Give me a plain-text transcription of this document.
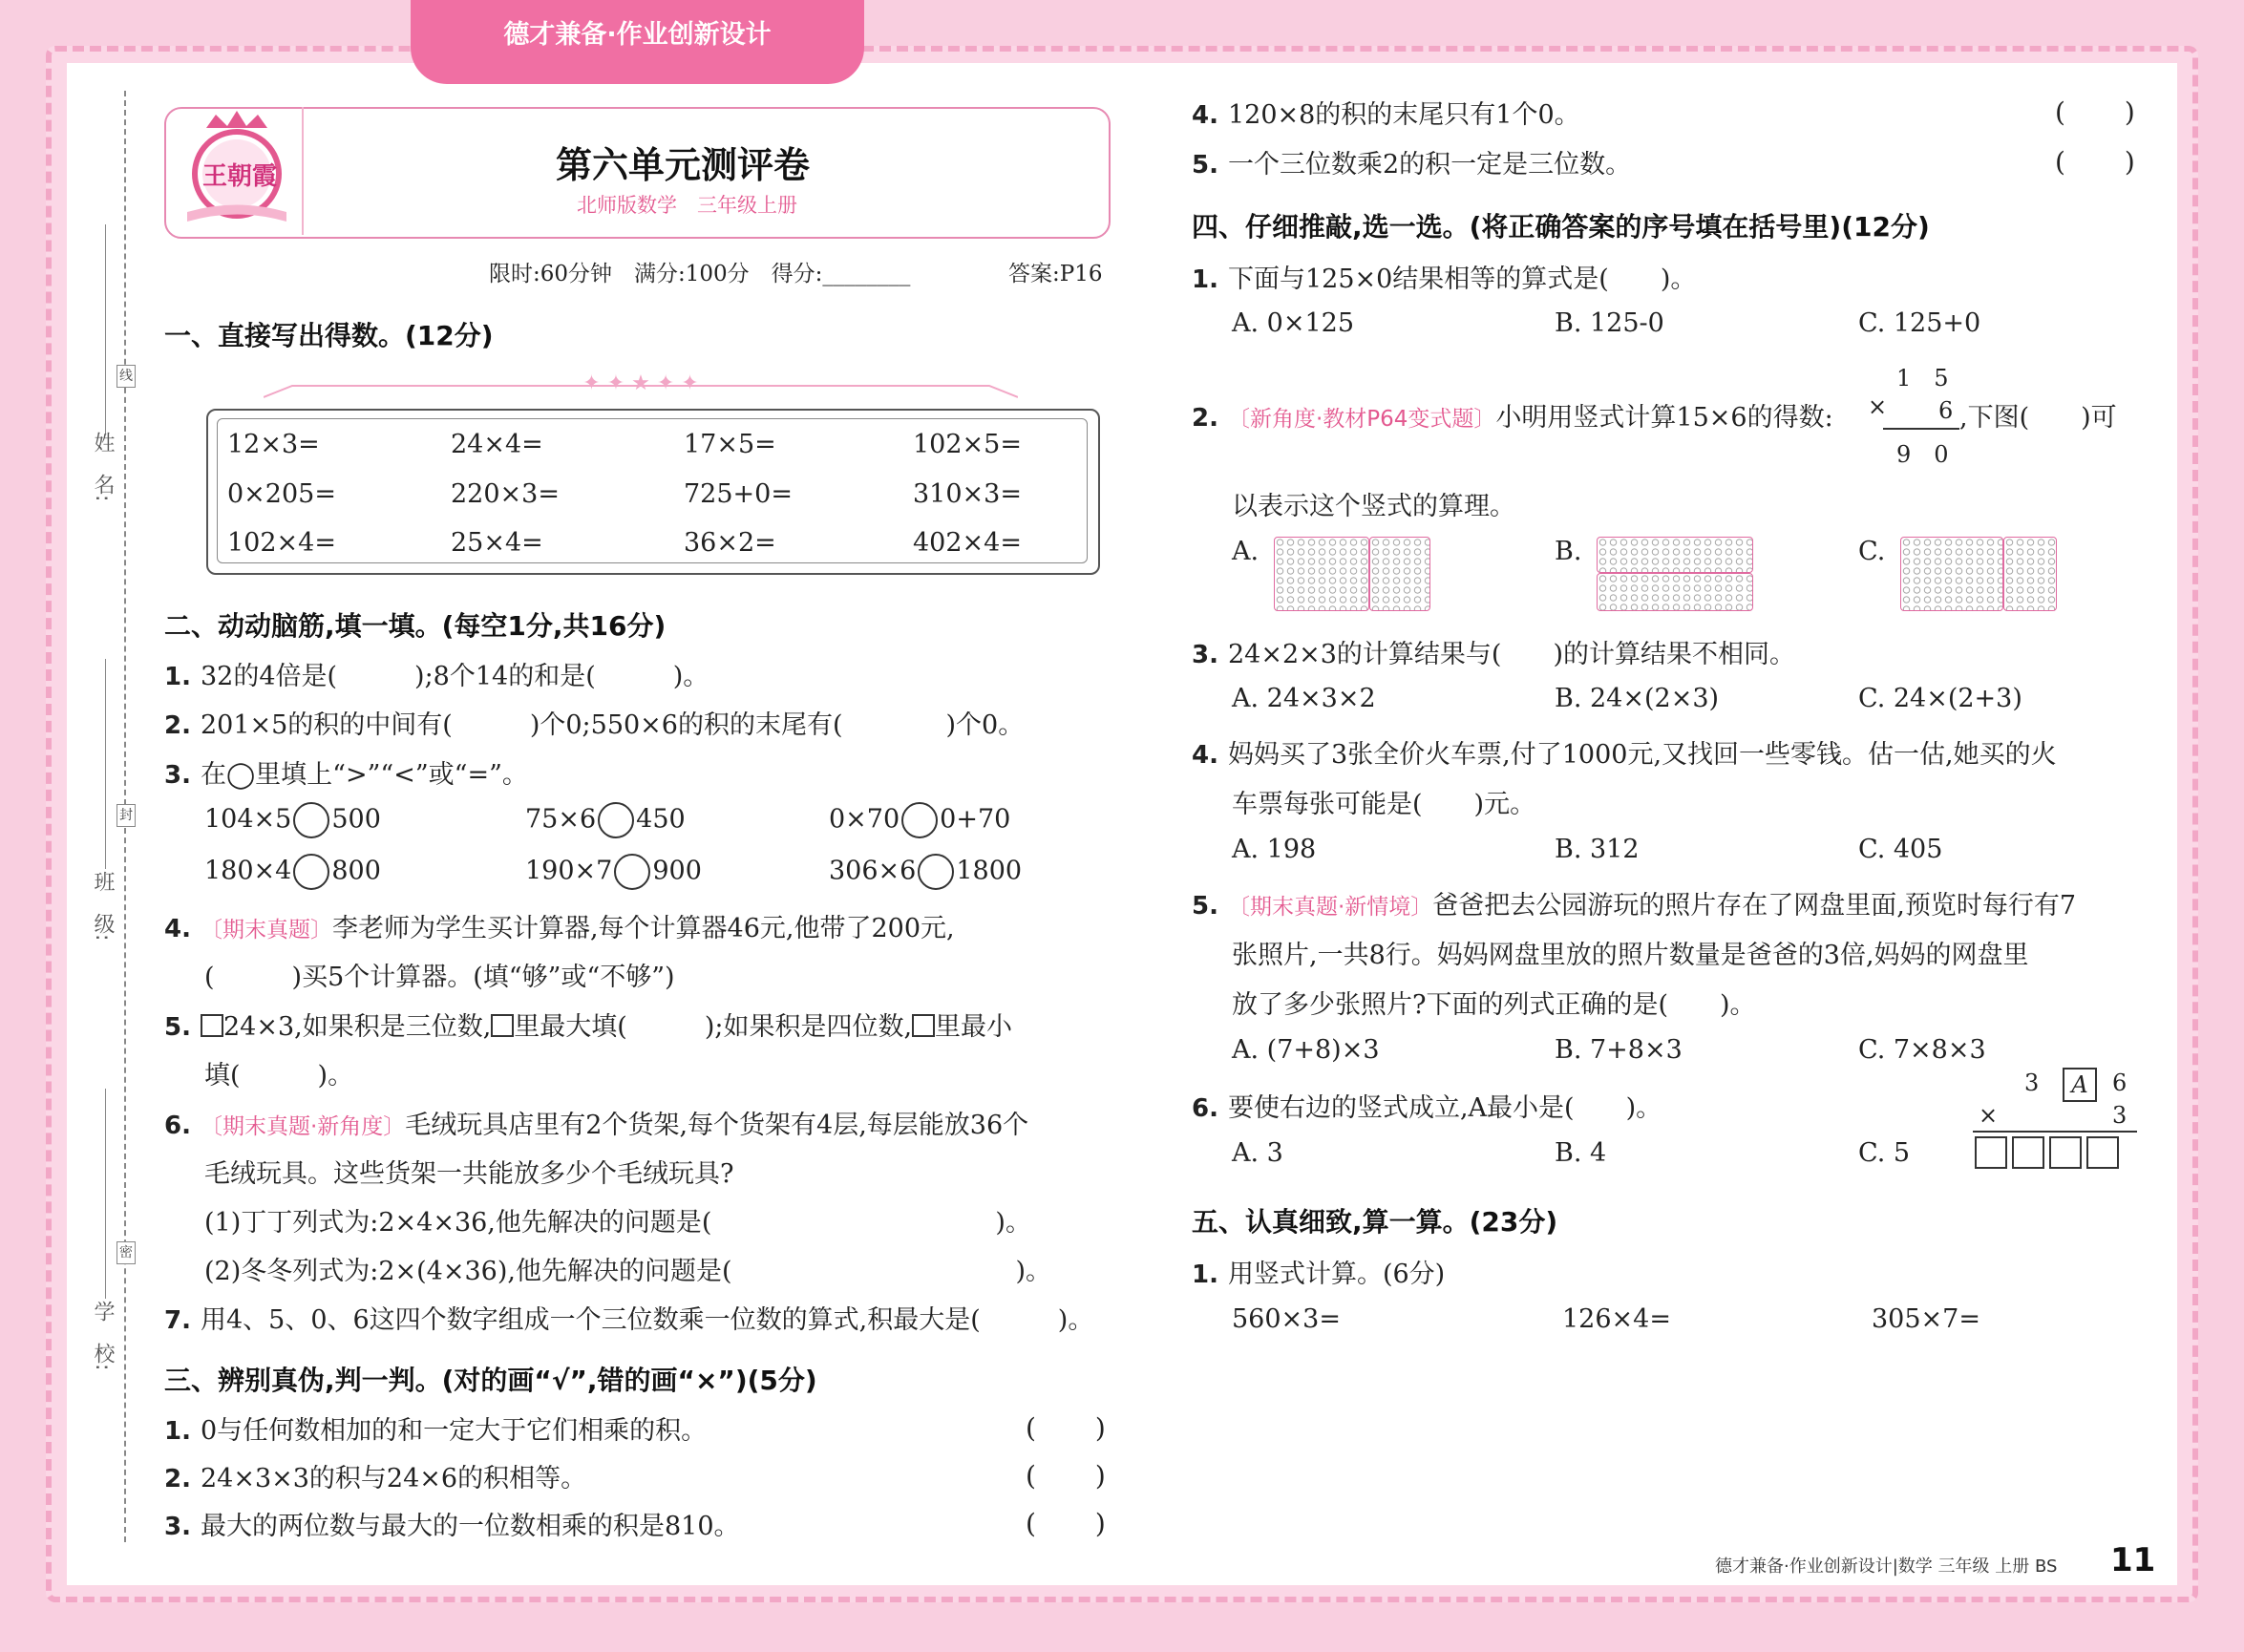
德才兼备·作业创新设计
线
封
密
姓　名:
班　级:
学　校:
王朝霞	第六单元测评卷
北师版数学　三年级上册
限时:60分钟　 满分:100分　 得分:________	答案:P16
一、直接写出得数。(12分)
✦ ✦ ★ ✦ ✦
12×3=	24×4=	17×5=	102×5=
0×205=	220×3=	725+0=	310×3=
102×4=	25×4=	36×2=	402×4=
二、动动脑筋,填一填。(每空1分,共16分)
1. 32的4倍是(　　　);8个14的和是(　　　)。
2. 201×5的积的中间有(　　　)个0;550×6的积的末尾有(　　　　)个0。
3. 在◯里填上“>”“<”或“=”。
104×5 500	75×6 450	0×70 0+70
180×4 800	190×7 900	306×6 1800
4. 〔期末真题〕李老师为学生买计算器,每个计算器46元,他带了200元,
(　　　)买5个计算器。(填“够”或“不够”)
5. 24×3,如果积是三位数, 里最大填(　　　);如果积是四位数, 里最小
填(　　　)。
6. 〔期末真题·新角度〕毛绒玩具店里有2个货架,每个货架有4层,每层能放36个
毛绒玩具。这些货架一共能放多少个毛绒玩具?
(1)丁丁列式为:2×4×36,他先解决的问题是(　　　　　　　　　　　)。
(2)冬冬列式为:2×(4×36),他先解决的问题是(　　　　　　　　　　　)。
7. 用4、5、0、6这四个数字组成一个三位数乘一位数的算式,积最大是(　　　)。
三、辨别真伪,判一判。(对的画“√”,错的画“×”)(5分)
1. 0与任何数相加的和一定大于它们相乘的积。	(　　)
2. 24×3×3的积与24×6的积相等。	(　　)
3. 最大的两位数与最大的一位数相乘的积是810。	(　　)
4. 120×8的积的末尾只有1个0。	(　　)
5. 一个三位数乘2的积一定是三位数。	(　　)
四、仔细推敲,选一选。(将正确答案的序号填在括号里)(12分)
1. 下面与125×0结果相等的算式是(　　)。
A. 0×125	B. 125-0	C. 125+0
2. 〔新角度·教材P64变式题〕小明用竖式计算15×6的得数:
1　5
× 6
9　0
,下图(　　)可
以表示这个竖式的算理。
A.	B.	C.
3. 24×2×3的计算结果与(　　)的计算结果不相同。
A. 24×3×2	B. 24×(2×3)	C. 24×(2+3)
4. 妈妈买了3张全价火车票,付了1000元,又找回一些零钱。估一估,她买的火
车票每张可能是(　　)元。
A. 198	B. 312	C. 405
5. 〔期末真题·新情境〕爸爸把去公园游玩的照片存在了网盘里面,预览时每行有7
张照片,一共8行。妈妈网盘里放的照片数量是爸爸的3倍,妈妈的网盘里
放了多少张照片?下面的列式正确的是(　　)。
A. (7+8)×3	B. 7+8×3	C. 7×8×3
6. 要使右边的竖式成立,A最小是(　　)。
A. 3	B. 4	C. 5
3	A	6
×	3
五、认真细致,算一算。(23分)
1. 用竖式计算。(6分)
560×3=	126×4=	305×7=
德才兼备·作业创新设计|数学 三年级 上册 BS 11
